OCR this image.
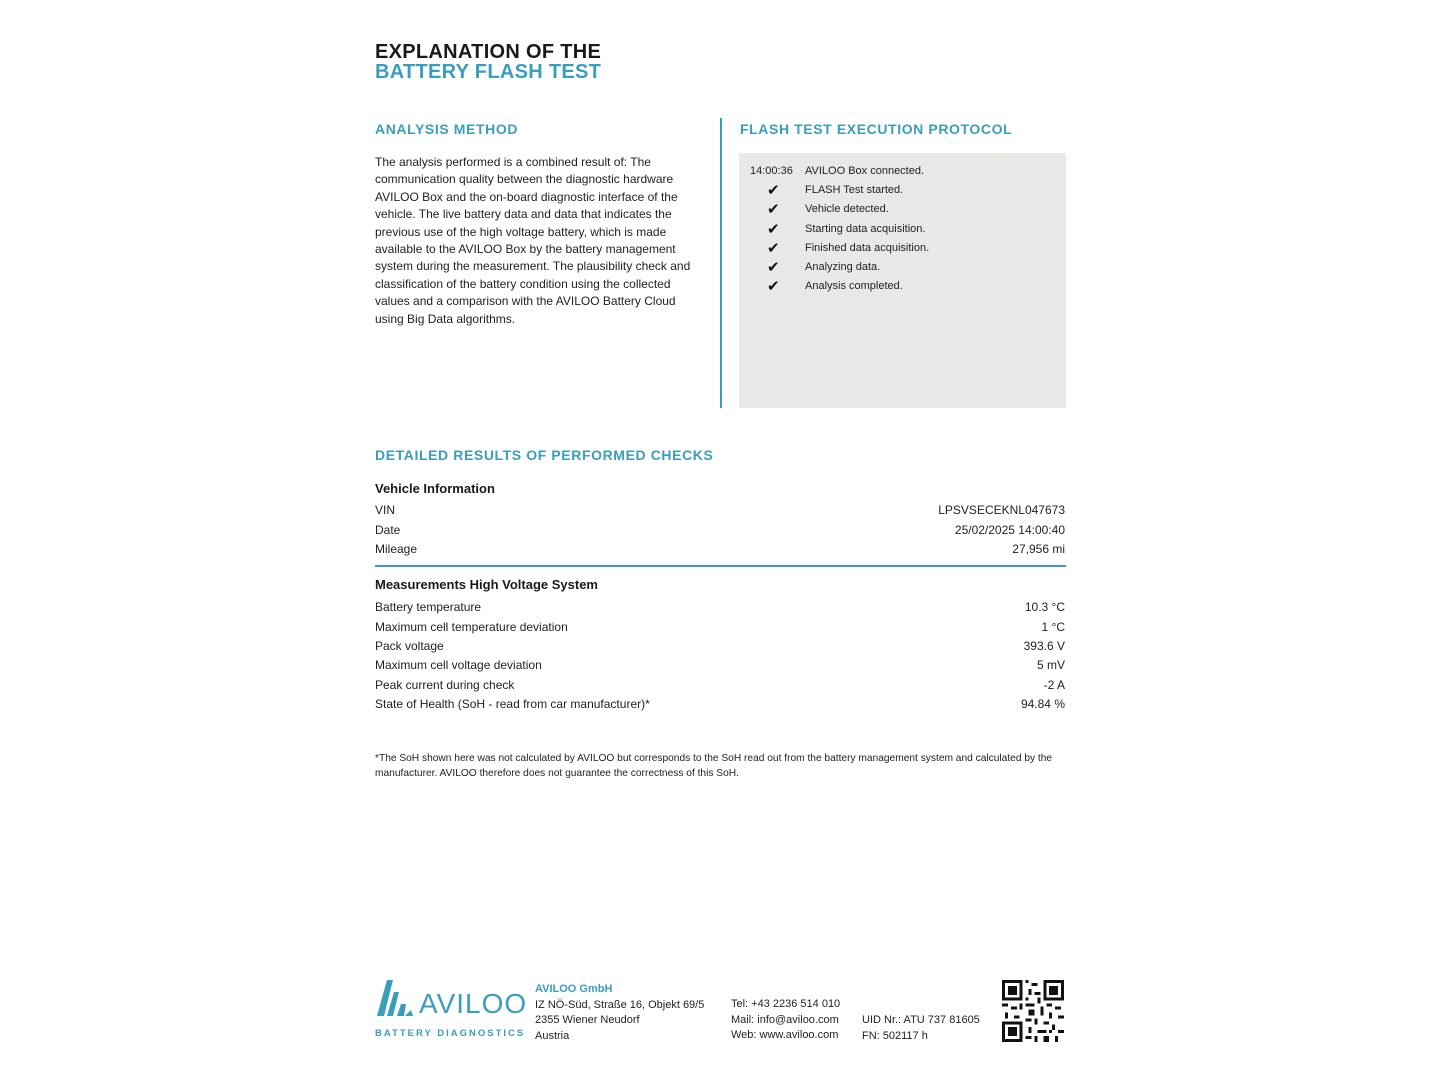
EXPLANATION OF THE
BATTERY FLASH TEST
ANALYSIS METHOD
The analysis performed is a combined result of: The communication quality between the diagnostic hardware AVILOO Box and the on-board diagnostic interface of the vehicle. The live battery data and data that indicates the previous use of the high voltage battery, which is made available to the AVILOO Box by the battery management system during the measurement. The plausibility check and classification of the battery condition using the collected values and a comparison with the AVILOO Battery Cloud using Big Data algorithms.
FLASH TEST EXECUTION PROTOCOL
14:00:36 AVILOO Box connected.
✔ FLASH Test started.
✔ Vehicle detected.
✔ Starting data acquisition.
✔ Finished data acquisition.
✔ Analyzing data.
✔ Analysis completed.
DETAILED RESULTS OF PERFORMED CHECKS
Vehicle Information
VIN	LPSVSECEKNL047673
Date	25/02/2025 14:00:40
Mileage	27,956 mi
Measurements High Voltage System
Battery temperature	10.3 °C
Maximum cell temperature deviation	1 °C
Pack voltage	393.6 V
Maximum cell voltage deviation	5 mV
Peak current during check	-2 A
State of Health (SoH - read from car manufacturer)*	94.84 %
*The SoH shown here was not calculated by AVILOO but corresponds to the SoH read out from the battery management system and calculated by the manufacturer. AVILOO therefore does not guarantee the correctness of this SoH.
AVILOO
BATTERY DIAGNOSTICS
AVILOO GmbH
IZ NÖ-Süd, Straße 16, Objekt 69/5
2355 Wiener Neudorf
Austria
Tel: +43 2236 514 010
Mail: info@aviloo.com
Web: www.aviloo.com
UID Nr.: ATU 737 81605
FN: 502117 h
